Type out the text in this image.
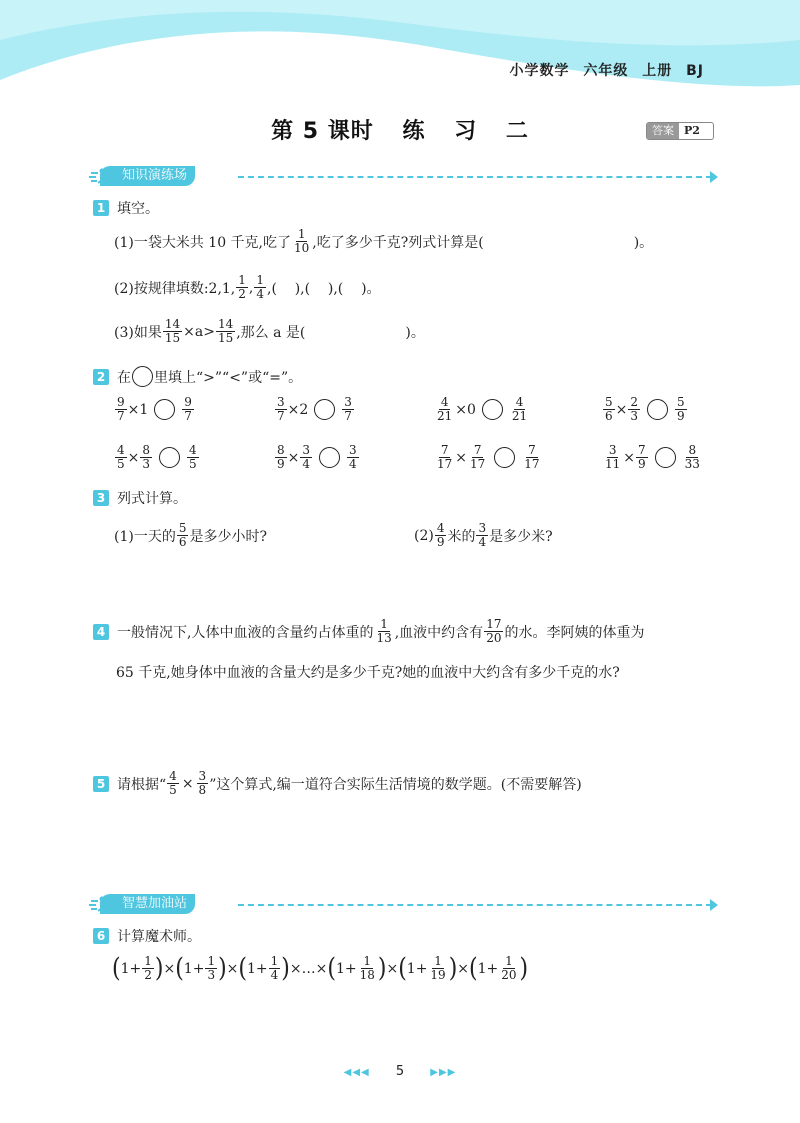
小学数学 六年级 上册 BJ
第 5 课时 练 习 二	答案 P2
知识演练场
1 填空。
(1)一袋大米共 10 千克,吃了 $\frac{1}{10}$ ,吃了多少千克?列式计算是(	)。
(2)按规律填数:2,1, $\frac{1}{2}$ , $\frac{1}{4}$ ,(    ),(    ),(    )。
(3)如果 $\frac{14}{15} \times a> \frac{14}{15}$ ,那么 a 是(	)。
2 在 里填上“>”“<”或“=”。
$\frac{9}{7} \times 1$	$\frac{9}{7}$	$\frac{3}{7} \times 2$	$\frac{3}{7}$	$\frac{4}{21} \times 0$	$\frac{4}{21}$	$\frac{5}{6} \times \frac{2}{3}$	$\frac{5}{9}$
$\frac{4}{5} \times \frac{8}{3}$	$\frac{4}{5}$	$\frac{8}{9} \times \frac{3}{4}$	$\frac{3}{4}$	$\frac{7}{17} \times \frac{7}{17}$	$\frac{7}{17}$	$\frac{3}{11} \times \frac{7}{9}$	$\frac{8}{33}$
3 列式计算。
(1)一天的 $\frac{5}{6}$ 是多少小时?	$(2) \frac{4}{9}$ 米的 $\frac{3}{4}$ 是多少米?
4 一般情况下,人体中血液的含量约占体重的 $\frac{1}{13}$ ,血液中约含有 $\frac{17}{20}$ 的水。李阿姨的体重为
65 千克,她身体中血液的含量大约是多少千克?她的血液中大约含有多少千克的水?
5 请根据“ $\frac{4}{5} \times \frac{3}{8}$ ”这个算式,编一道符合实际生活情境的数学题。(不需要解答)
智慧加油站
6 计算魔术师。
( $1+ \frac{1}{2}$ ) × ( $1+ \frac{1}{3}$ ) × ( $1+ \frac{1}{4}$ ) × … × ( $1+ \frac{1}{18}$ ) × ( $1+ \frac{1}{19}$ ) × ( $1+ \frac{1}{20}$ )
◀◀◀ 5	▶▶▶
